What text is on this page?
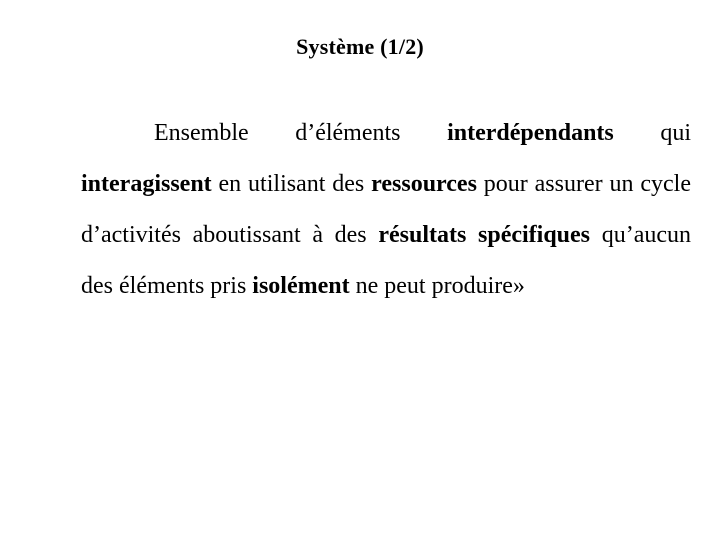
Système (1/2)

Ensemble d’éléments interdépendants qui interagissent en utilisant des ressources pour assurer un cycle d’activités aboutissant à des résultats spécifiques qu’aucun des éléments pris isolément ne peut produire»
